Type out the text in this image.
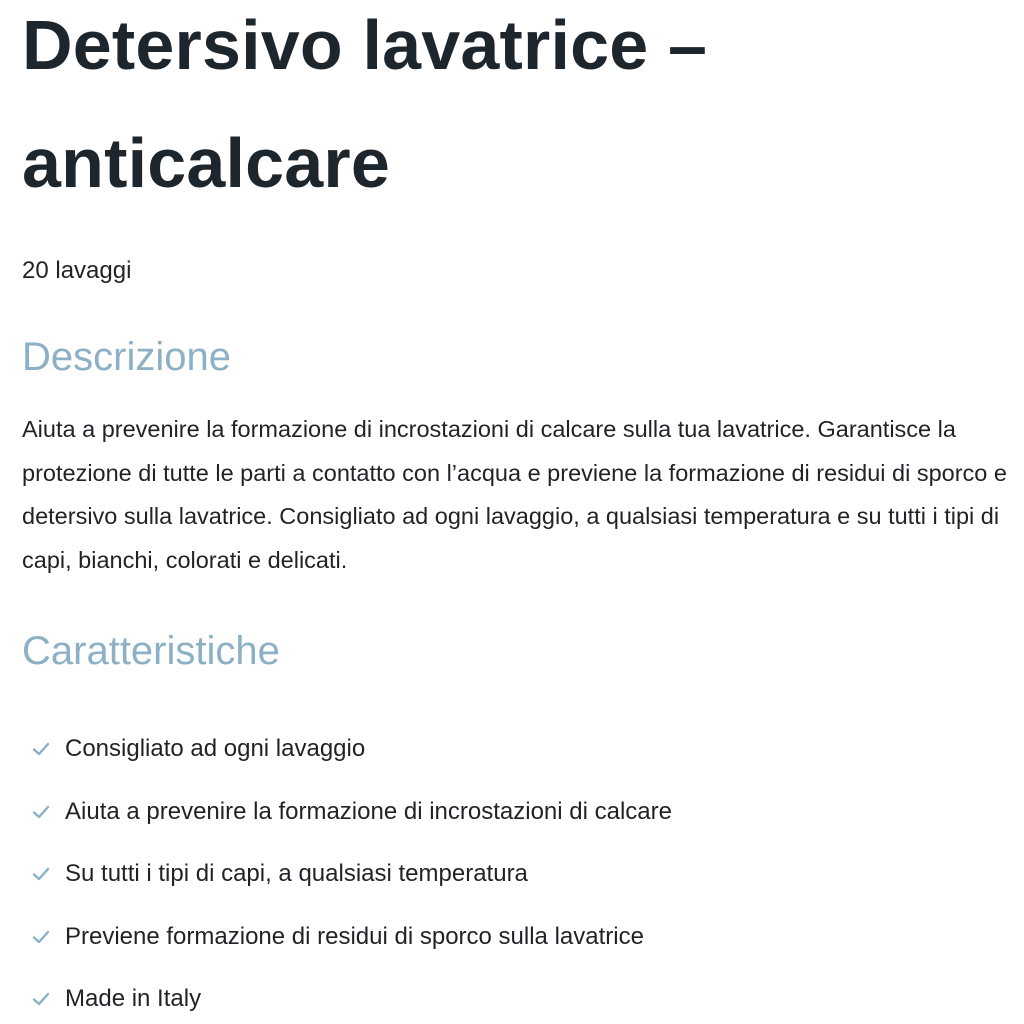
Detersivo lavatrice – anticalcare

20 lavaggi

Descrizione

Aiuta a prevenire la formazione di incrostazioni di calcare sulla tua lavatrice. Garantisce la protezione di tutte le parti a contatto con l’acqua e previene la formazione di residui di sporco e detersivo sulla lavatrice. Consigliato ad ogni lavaggio, a qualsiasi temperatura e su tutti i tipi di capi, bianchi, colorati e delicati.

Caratteristiche
Consigliato ad ogni lavaggio
Aiuta a prevenire la formazione di incrostazioni di calcare
Su tutti i tipi di capi, a qualsiasi temperatura
Previene formazione di residui di sporco sulla lavatrice
Made in Italy
